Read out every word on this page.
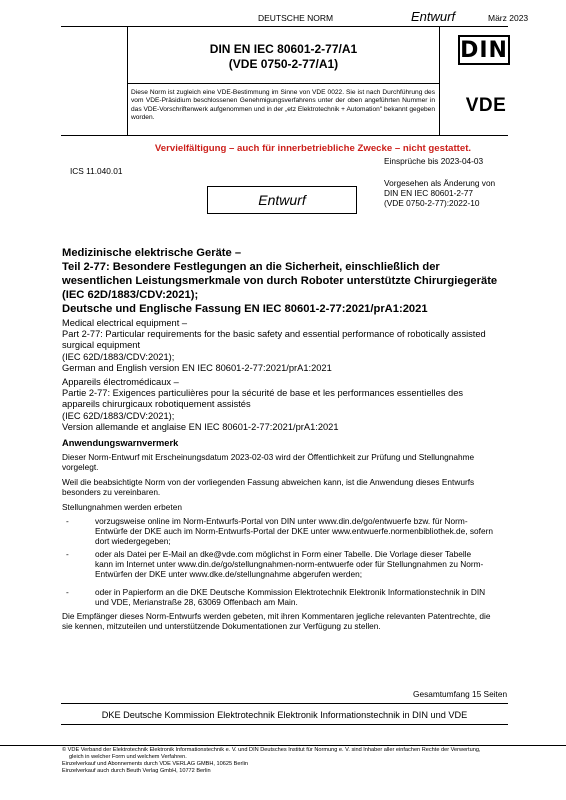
DEUTSCHE NORM	Entwurf	März 2023
DIN EN IEC 80601-2-77/A1
(VDE 0750-2-77/A1)
DIN
VDE
Diese Norm ist zugleich eine VDE-Bestimmung im Sinne von VDE 0022. Sie ist nach Durchführung des vom VDE-Präsidium beschlossenen Genehmigungsverfahrens unter der oben angeführten Nummer in das VDE-Vorschriftenwerk aufgenommen und in der „etz Elektrotechnik + Automation" bekannt gegeben worden.
Vervielfältigung – auch für innerbetriebliche Zwecke – nicht gestattet.
Einsprüche bis 2023-04-03
ICS 11.040.01
Entwurf
Vorgesehen als Änderung von
DIN EN IEC 80601-2-77
(VDE 0750-2-77):2022-10
Medizinische elektrische Geräte –
Teil 2-77: Besondere Festlegungen an die Sicherheit, einschließlich der
wesentlichen Leistungsmerkmale von durch Roboter unterstützte Chirurgiegeräte
(IEC 62D/1883/CDV:2021);
Deutsche und Englische Fassung EN IEC 80601-2-77:2021/prA1:2021
Medical electrical equipment –
Part 2-77: Particular requirements for the basic safety and essential performance of robotically assisted
surgical equipment
(IEC 62D/1883/CDV:2021);
German and English version EN IEC 80601-2-77:2021/prA1:2021
Appareils électromédicaux –
Partie 2-77: Exigences particulières pour la sécurité de base et les performances essentielles des
appareils chirurgicaux robotiquement assistés
(IEC 62D/1883/CDV:2021);
Version allemande et anglaise EN IEC 80601-2-77:2021/prA1:2021
Anwendungswarnvermerk
Dieser Norm-Entwurf mit Erscheinungsdatum 2023-02-03 wird der Öffentlichkeit zur Prüfung und Stellungnahme
vorgelegt.
Weil die beabsichtigte Norm von der vorliegenden Fassung abweichen kann, ist die Anwendung dieses Entwurfs
besonders zu vereinbaren.
Stellungnahmen werden erbeten
-	vorzugsweise online im Norm-Entwurfs-Portal von DIN unter www.din.de/go/entwuerfe bzw. für Norm-
Entwürfe der DKE auch im Norm-Entwurfs-Portal der DKE unter www.entwuerfe.normenbibliothek.de, sofern
dort wiedergegeben;
-	oder als Datei per E-Mail an dke@vde.com möglichst in Form einer Tabelle. Die Vorlage dieser Tabelle
kann im Internet unter www.din.de/go/stellungnahmen-norm-entwuerfe oder für Stellungnahmen zu Norm-
Entwürfen der DKE unter www.dke.de/stellungnahme abgerufen werden;
-	oder in Papierform an die DKE Deutsche Kommission Elektrotechnik Elektronik Informationstechnik in DIN
und VDE, Merianstraße 28, 63069 Offenbach am Main.
Die Empfänger dieses Norm-Entwurfs werden gebeten, mit ihren Kommentaren jegliche relevanten Patentrechte, die
sie kennen, mitzuteilen und unterstützende Dokumentationen zur Verfügung zu stellen.
Gesamtumfang 15 Seiten
DKE Deutsche Kommission Elektrotechnik Elektronik Informationstechnik in DIN und VDE
© VDE Verband der Elektrotechnik Elektronik Informationstechnik e. V. und DIN Deutsches Institut für Normung e. V. sind Inhaber aller einfachen Rechte der Verwertung,
gleich in welcher Form und welchem Verfahren.
Einzelverkauf und Abonnements durch VDE VERLAG GMBH, 10625 Berlin
Einzelverkauf auch durch Beuth Verlag GmbH, 10772 Berlin
